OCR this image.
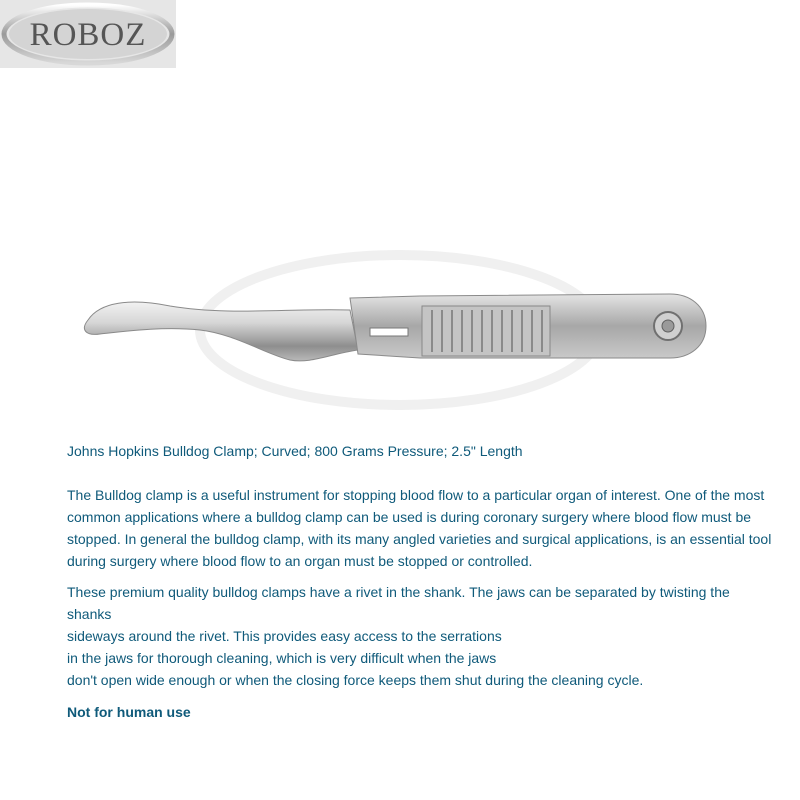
ROBOZ

Johns Hopkins Bulldog Clamp; Curved; 800 Grams Pressure; 2.5" Length

The Bulldog clamp is a useful instrument for stopping blood flow to a particular organ of interest. One of the most common applications where a bulldog clamp can be used is during coronary surgery where blood flow must be stopped. In general the bulldog clamp, with its many angled varieties and surgical applications, is an essential tool during surgery where blood flow to an organ must be stopped or controlled.

These premium quality bulldog clamps have a rivet in the shank. The jaws can be separated by twisting the shanks
sideways around the rivet. This provides easy access to the serrations
in the jaws for thorough cleaning, which is very difficult when the jaws
don't open wide enough or when the closing force keeps them shut during the cleaning cycle.

Not for human use
